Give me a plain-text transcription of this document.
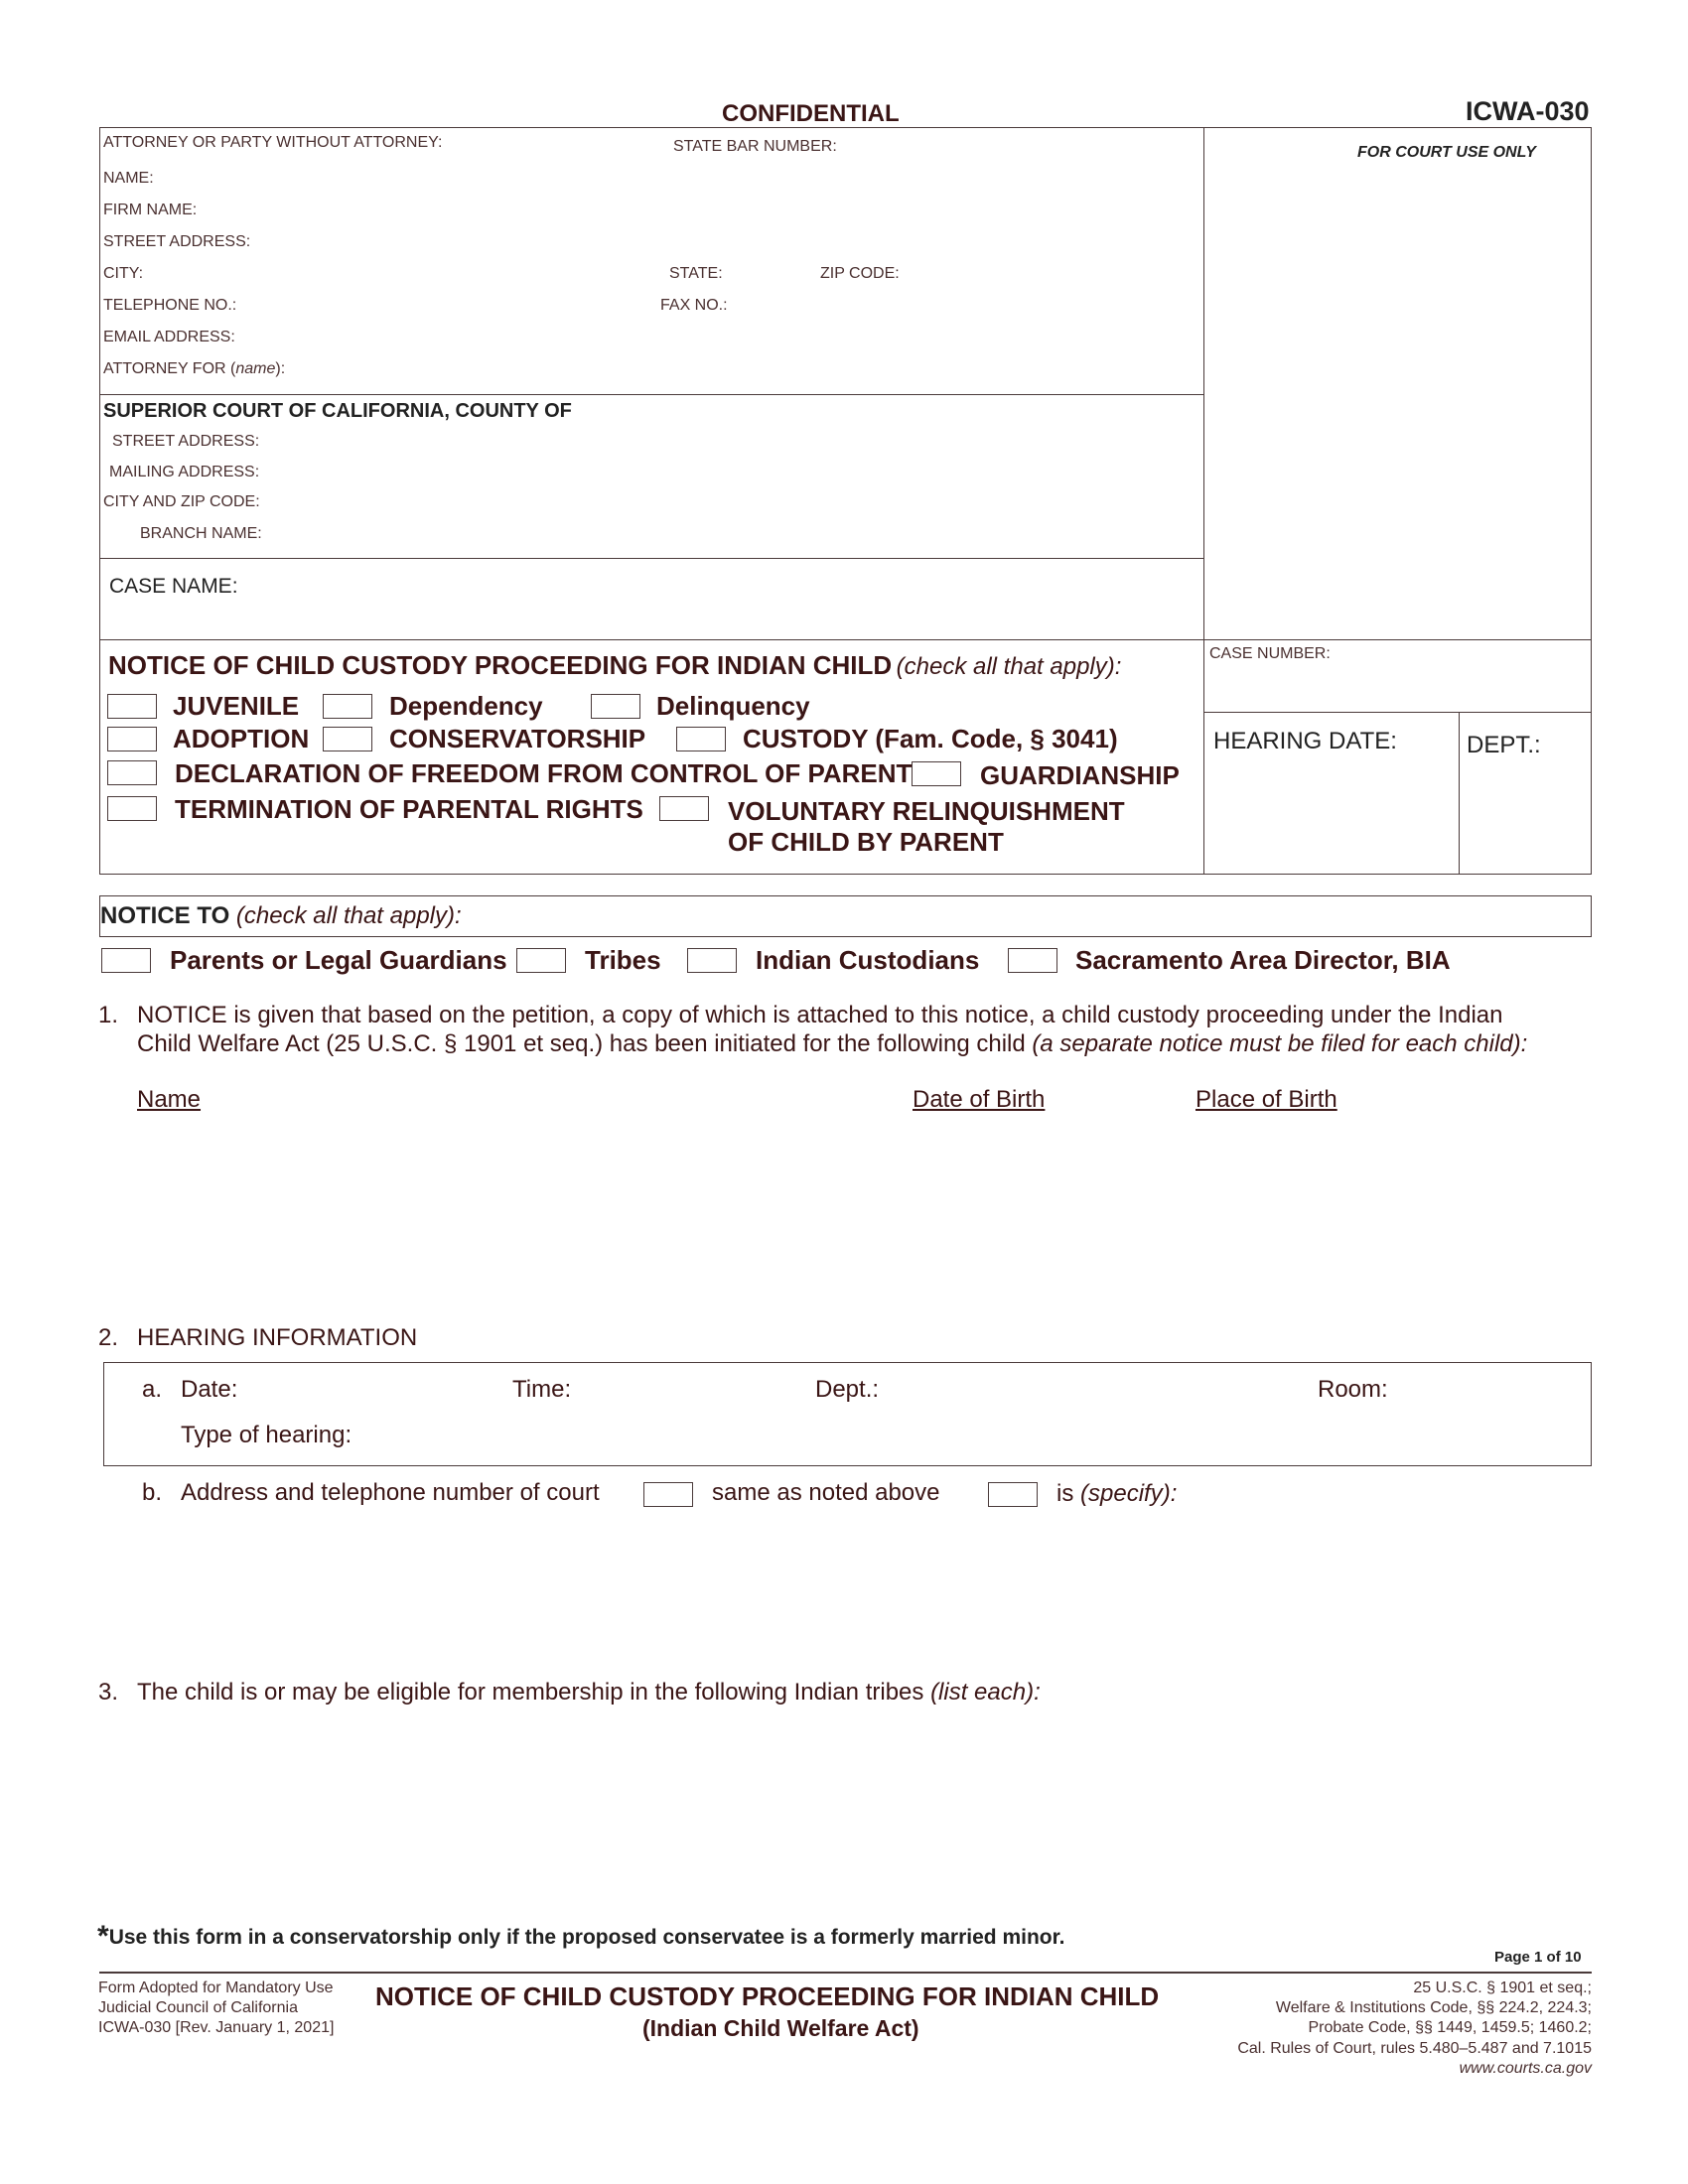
CONFIDENTIAL	ICWA-030
ATTORNEY OR PARTY WITHOUT ATTORNEY:	STATE BAR NUMBER:
NAME:
FIRM NAME:
STREET ADDRESS:
CITY:	STATE:	ZIP CODE:
TELEPHONE NO.:	FAX NO.:
EMAIL ADDRESS:
ATTORNEY FOR (name):
SUPERIOR COURT OF CALIFORNIA, COUNTY OF
STREET ADDRESS:
MAILING ADDRESS:
CITY AND ZIP CODE:
BRANCH NAME:
CASE NAME:
FOR COURT USE ONLY
CASE NUMBER:
HEARING DATE:	DEPT.:
NOTICE OF CHILD CUSTODY PROCEEDING FOR INDIAN CHILD (check all that apply):
JUVENILE	Dependency	Delinquency
ADOPTION	CONSERVATORSHIP	CUSTODY (Fam. Code, § 3041)
DECLARATION OF FREEDOM FROM CONTROL OF PARENT	GUARDIANSHIP
TERMINATION OF PARENTAL RIGHTS	VOLUNTARY RELINQUISHMENT
OF CHILD BY PARENT
NOTICE TO (check all that apply):
Parents or Legal Guardians	Tribes	Indian Custodians	Sacramento Area Director, BIA
1. NOTICE is given that based on the petition, a copy of which is attached to this notice, a child custody proceeding under the Indian
Child Welfare Act (25 U.S.C. § 1901 et seq.) has been initiated for the following child (a separate notice must be filed for each child):
Name	Date of Birth	Place of Birth
2. HEARING INFORMATION
a. Date:	Time:	Dept.:	Room:
Type of hearing:
b. Address and telephone number of court	same as noted above	is (specify):
3. The child is or may be eligible for membership in the following Indian tribes (list each):
*Use this form in a conservatorship only if the proposed conservatee is a formerly married minor.
Page 1 of 10
Form Adopted for Mandatory Use
Judicial Council of California
ICWA-030 [Rev. January 1, 2021]
NOTICE OF CHILD CUSTODY PROCEEDING FOR INDIAN CHILD
(Indian Child Welfare Act)
25 U.S.C. § 1901 et seq.;
Welfare & Institutions Code, §§ 224.2, 224.3;
Probate Code, §§ 1449, 1459.5; 1460.2;
Cal. Rules of Court, rules 5.480–5.487 and 7.1015
www.courts.ca.gov
